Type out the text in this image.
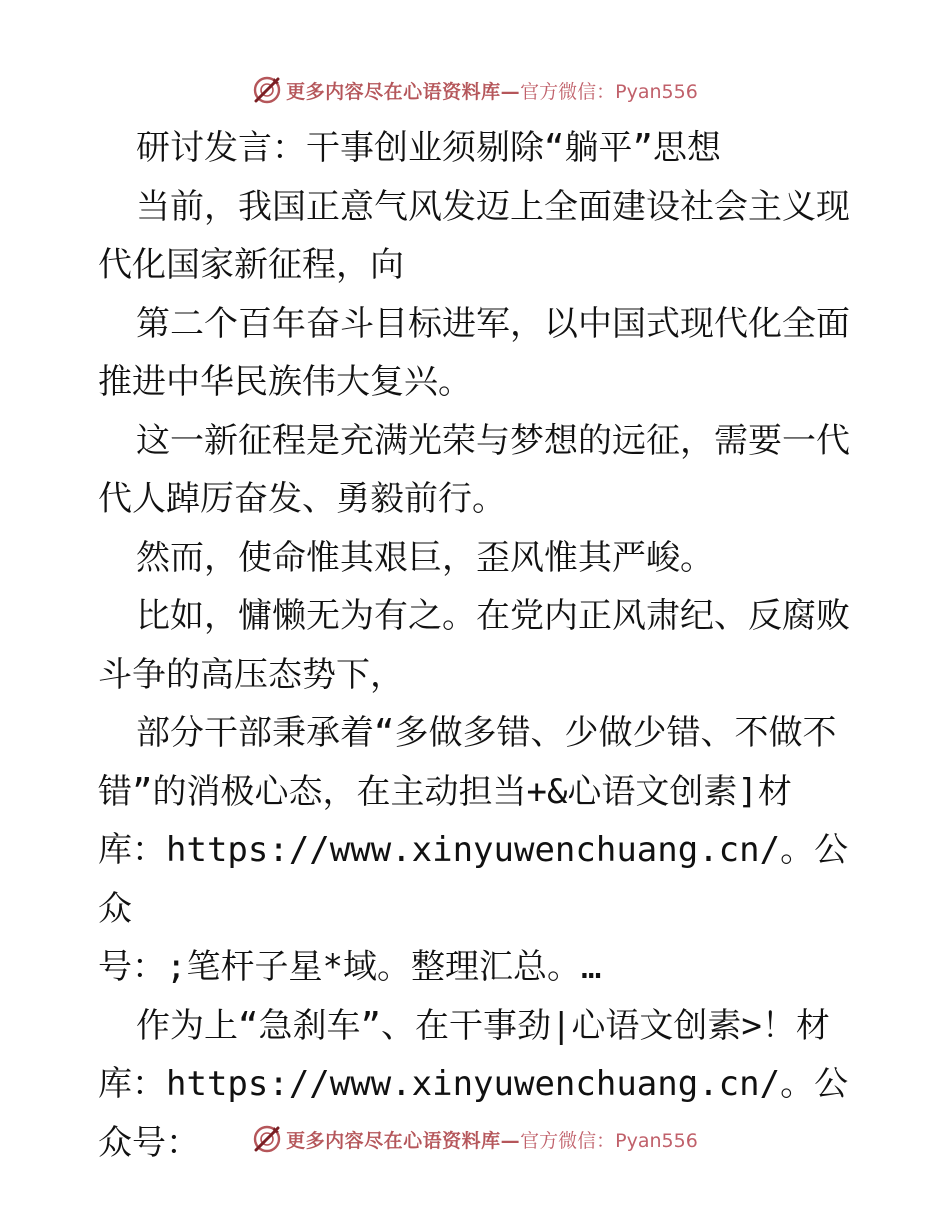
更多内容尽在心语资料库— 官方微信：Pyan556

研讨发言：干事创业须剔除“躺平”思想

当前，我国正意气风发迈上全面建设社会主义现
代化国家新征程，向

第二个百年奋斗目标进军，以中国式现代化全面
推进中华民族伟大复兴。

这一新征程是充满光荣与梦想的远征，需要一代
代人踔厉奋发、勇毅前行。

然而，使命惟其艰巨，歪风惟其严峻。

比如，慵懒无为有之。在党内正风肃纪、反腐败
斗争的高压态势下，

部分干部秉承着“多做多错、少做少错、不做不
错”的消极心态，在主动担当+&心语文创素]材
库：https://www.xinyuwenchuang.cn/。公众
号：;笔杆子星*域。整理汇总。…

作为上“急刹车”、在干事劲|心语文创素>！材
库：https://www.xinyuwenchuang.cn/。公众号：	更多内容尽在心语资料库— 官方微信：Pyan556
